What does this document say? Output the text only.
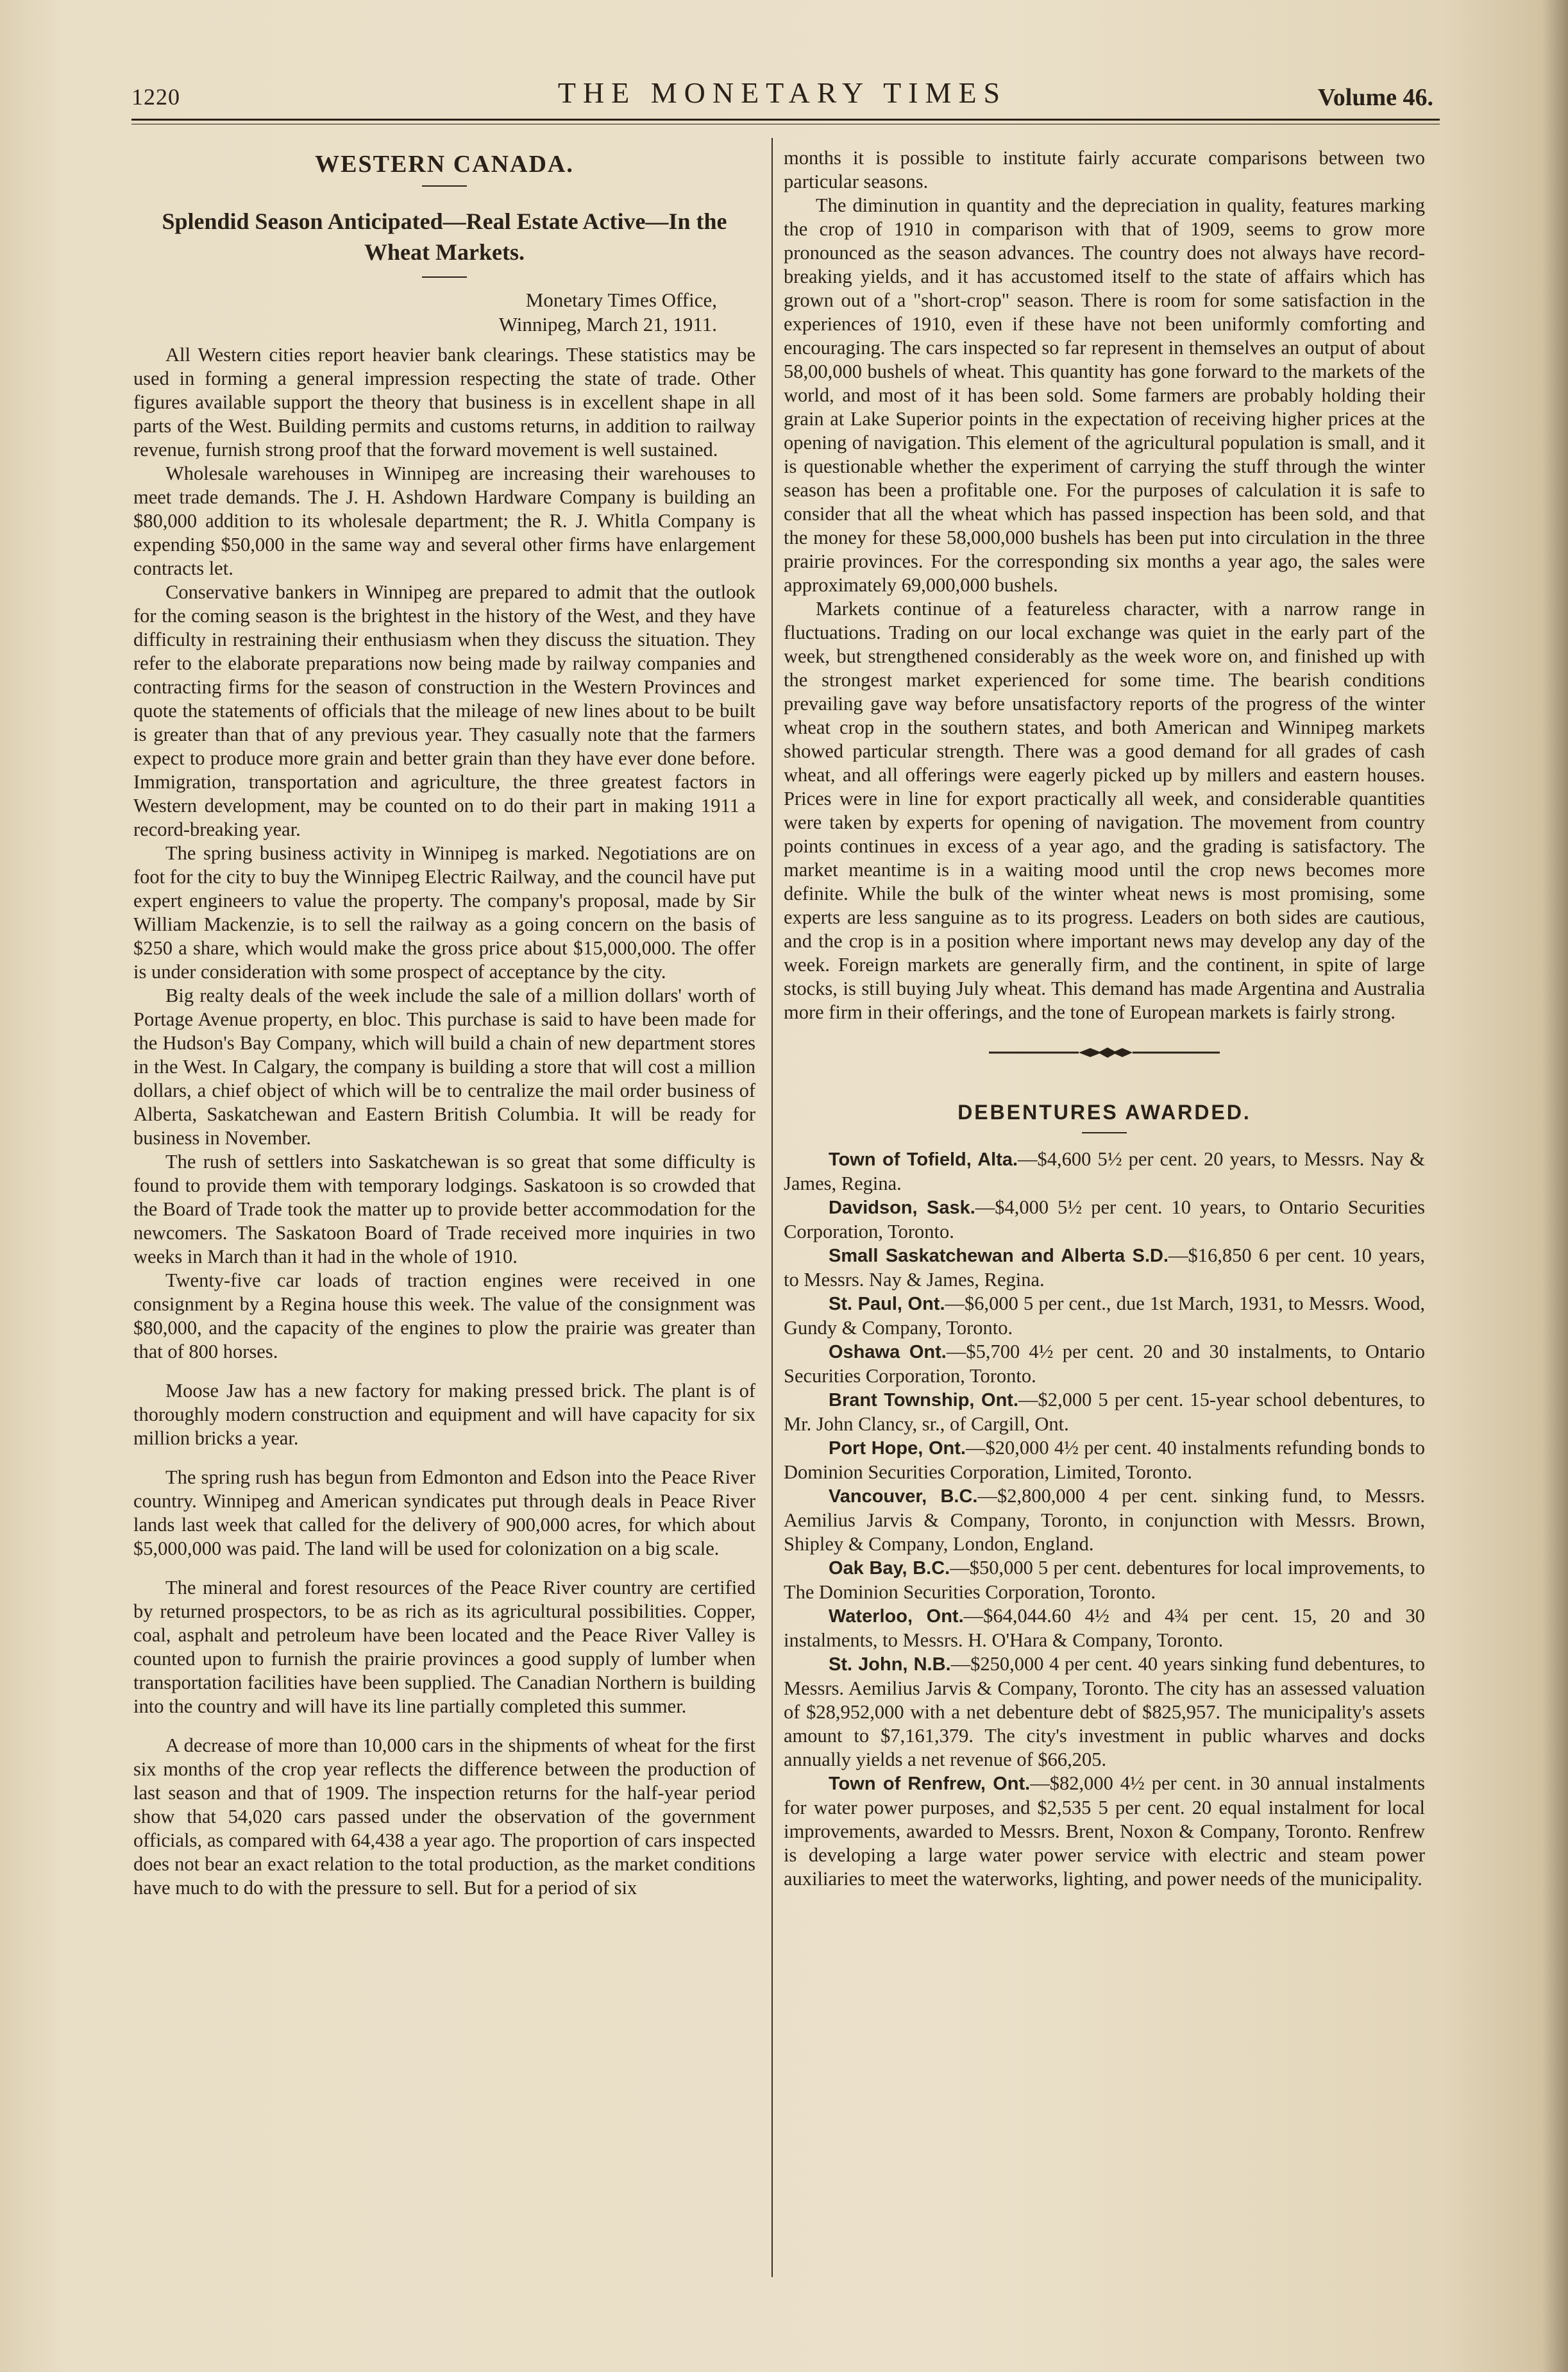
1220	THE MONETARY TIMES	Volume 46.
WESTERN CANADA.
Splendid Season Anticipated—Real Estate Active—In the Wheat Markets.
Monetary Times Office,
Winnipeg, March 21, 1911.

All Western cities report heavier bank clearings. These statistics may be used in forming a general impression respecting the state of trade. Other figures available support the theory that business is in excellent shape in all parts of the West. Building permits and customs returns, in addition to railway revenue, furnish strong proof that the forward movement is well sustained.

Wholesale warehouses in Winnipeg are increasing their warehouses to meet trade demands. The J. H. Ashdown Hardware Company is building an $80,000 addition to its wholesale department; the R. J. Whitla Company is expending $50,000 in the same way and several other firms have enlargement contracts let.

Conservative bankers in Winnipeg are prepared to admit that the outlook for the coming season is the brightest in the history of the West, and they have difficulty in restraining their enthusiasm when they discuss the situation. They refer to the elaborate preparations now being made by railway companies and contracting firms for the season of construction in the Western Provinces and quote the statements of officials that the mileage of new lines about to be built is greater than that of any previous year. They casually note that the farmers expect to produce more grain and better grain than they have ever done before. Immigration, transportation and agriculture, the three greatest factors in Western development, may be counted on to do their part in making 1911 a record-breaking year.

The spring business activity in Winnipeg is marked. Negotiations are on foot for the city to buy the Winnipeg Electric Railway, and the council have put expert engineers to value the property. The company's proposal, made by Sir William Mackenzie, is to sell the railway as a going concern on the basis of $250 a share, which would make the gross price about $15,000,000. The offer is under consideration with some prospect of acceptance by the city.

Big realty deals of the week include the sale of a million dollars' worth of Portage Avenue property, en bloc. This purchase is said to have been made for the Hudson's Bay Company, which will build a chain of new department stores in the West. In Calgary, the company is building a store that will cost a million dollars, a chief object of which will be to centralize the mail order business of Alberta, Saskatchewan and Eastern British Columbia. It will be ready for business in November.

The rush of settlers into Saskatchewan is so great that some difficulty is found to provide them with temporary lodgings. Saskatoon is so crowded that the Board of Trade took the matter up to provide better accommodation for the newcomers. The Saskatoon Board of Trade received more inquiries in two weeks in March than it had in the whole of 1910.

Twenty-five car loads of traction engines were received in one consignment by a Regina house this week. The value of the consignment was $80,000, and the capacity of the engines to plow the prairie was greater than that of 800 horses.

Moose Jaw has a new factory for making pressed brick. The plant is of thoroughly modern construction and equipment and will have capacity for six million bricks a year.

The spring rush has begun from Edmonton and Edson into the Peace River country. Winnipeg and American syndicates put through deals in Peace River lands last week that called for the delivery of 900,000 acres, for which about $5,000,000 was paid. The land will be used for colonization on a big scale.

The mineral and forest resources of the Peace River country are certified by returned prospectors, to be as rich as its agricultural possibilities. Copper, coal, asphalt and petroleum have been located and the Peace River Valley is counted upon to furnish the prairie provinces a good supply of lumber when transportation facilities have been supplied. The Canadian Northern is building into the country and will have its line partially completed this summer.

A decrease of more than 10,000 cars in the shipments of wheat for the first six months of the crop year reflects the difference between the production of last season and that of 1909. The inspection returns for the half-year period show that 54,020 cars passed under the observation of the government officials, as compared with 64,438 a year ago. The proportion of cars inspected does not bear an exact relation to the total production, as the market conditions have much to do with the pressure to sell. But for a period of six

months it is possible to institute fairly accurate comparisons between two particular seasons.

The diminution in quantity and the depreciation in quality, features marking the crop of 1910 in comparison with that of 1909, seems to grow more pronounced as the season advances. The country does not always have record-breaking yields, and it has accustomed itself to the state of affairs which has grown out of a "short-crop" season. There is room for some satisfaction in the experiences of 1910, even if these have not been uniformly comforting and encouraging. The cars inspected so far represent in themselves an output of about 58,00,000 bushels of wheat. This quantity has gone forward to the markets of the world, and most of it has been sold. Some farmers are probably holding their grain at Lake Superior points in the expectation of receiving higher prices at the opening of navigation. This element of the agricultural population is small, and it is questionable whether the experiment of carrying the stuff through the winter season has been a profitable one. For the purposes of calculation it is safe to consider that all the wheat which has passed inspection has been sold, and that the money for these 58,000,000 bushels has been put into circulation in the three prairie provinces. For the corresponding six months a year ago, the sales were approximately 69,000,000 bushels.

Markets continue of a featureless character, with a narrow range in fluctuations. Trading on our local exchange was quiet in the early part of the week, but strengthened considerably as the week wore on, and finished up with the strongest market experienced for some time. The bearish conditions prevailing gave way before unsatisfactory reports of the progress of the winter wheat crop in the southern states, and both American and Winnipeg markets showed particular strength. There was a good demand for all grades of cash wheat, and all offerings were eagerly picked up by millers and eastern houses. Prices were in line for export practically all week, and considerable quantities were taken by experts for opening of navigation. The movement from country points continues in excess of a year ago, and the grading is satisfactory. The market meantime is in a waiting mood until the crop news becomes more definite. While the bulk of the winter wheat news is most promising, some experts are less sanguine as to its progress. Leaders on both sides are cautious, and the crop is in a position where important news may develop any day of the week. Foreign markets are generally firm, and the continent, in spite of large stocks, is still buying July wheat. This demand has made Argentina and Australia more firm in their offerings, and the tone of European markets is fairly strong.

DEBENTURES AWARDED.

Town of Tofield, Alta.—$4,600 5½ per cent. 20 years, to Messrs. Nay & James, Regina.

Davidson, Sask.—$4,000 5½ per cent. 10 years, to Ontario Securities Corporation, Toronto.

Small Saskatchewan and Alberta S.D.—$16,850 6 per cent. 10 years, to Messrs. Nay & James, Regina.

St. Paul, Ont.—$6,000 5 per cent., due 1st March, 1931, to Messrs. Wood, Gundy & Company, Toronto.

Oshawa Ont.—$5,700 4½ per cent. 20 and 30 instalments, to Ontario Securities Corporation, Toronto.

Brant Township, Ont.—$2,000 5 per cent. 15-year school debentures, to Mr. John Clancy, sr., of Cargill, Ont.

Port Hope, Ont.—$20,000 4½ per cent. 40 instalments refunding bonds to Dominion Securities Corporation, Limited, Toronto.

Vancouver, B.C.—$2,800,000 4 per cent. sinking fund, to Messrs. Aemilius Jarvis & Company, Toronto, in conjunction with Messrs. Brown, Shipley & Company, London, England.

Oak Bay, B.C.—$50,000 5 per cent. debentures for local improvements, to The Dominion Securities Corporation, Toronto.

Waterloo, Ont.—$64,044.60 4½ and 4¾ per cent. 15, 20 and 30 instalments, to Messrs. H. O'Hara & Company, Toronto.

St. John, N.B.—$250,000 4 per cent. 40 years sinking fund debentures, to Messrs. Aemilius Jarvis & Company, Toronto. The city has an assessed valuation of $28,952,000 with a net debenture debt of $825,957. The municipality's assets amount to $7,161,379. The city's investment in public wharves and docks annually yields a net revenue of $66,205.

Town of Renfrew, Ont.—$82,000 4½ per cent. in 30 annual instalments for water power purposes, and $2,535 5 per cent. 20 equal instalment for local improvements, awarded to Messrs. Brent, Noxon & Company, Toronto. Renfrew is developing a large water power service with electric and steam power auxiliaries to meet the waterworks, lighting, and power needs of the municipality.
